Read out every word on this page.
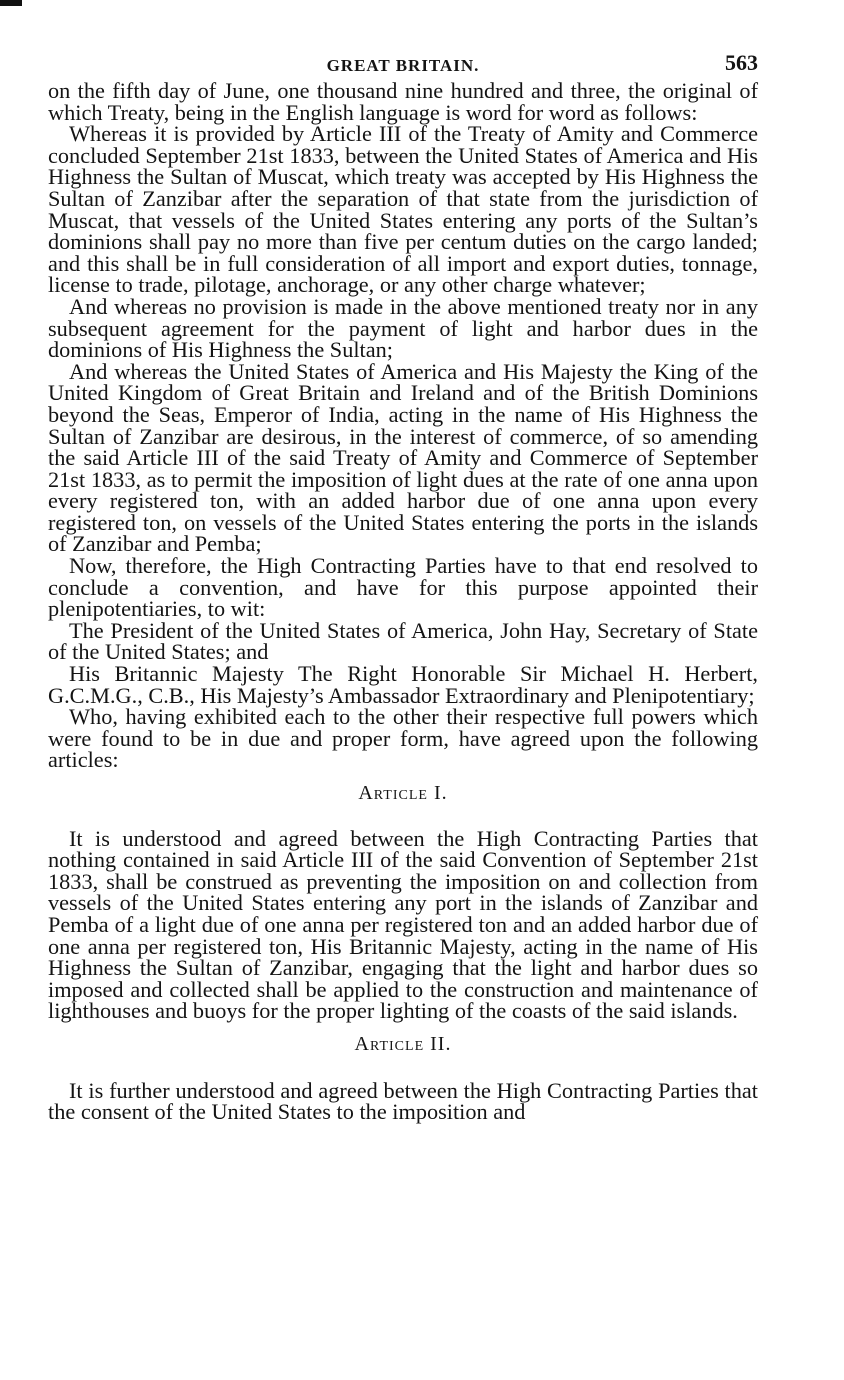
GREAT BRITAIN.	563

on the fifth day of June, one thousand nine hundred and three, the original of which Treaty, being in the English language is word for word as follows:

Whereas it is provided by Article III of the Treaty of Amity and Commerce concluded September 21st 1833, between the United States of America and His Highness the Sultan of Muscat, which treaty was accepted by His Highness the Sultan of Zanzibar after the separation of that state from the jurisdiction of Muscat, that vessels of the United States entering any ports of the Sultan’s dominions shall pay no more than five per centum duties on the cargo landed; and this shall be in full consideration of all import and export duties, tonnage, license to trade, pilotage, anchorage, or any other charge whatever;

And whereas no provision is made in the above mentioned treaty nor in any subsequent agreement for the payment of light and harbor dues in the dominions of His Highness the Sultan;

And whereas the United States of America and His Majesty the King of the United Kingdom of Great Britain and Ireland and of the British Dominions beyond the Seas, Emperor of India, acting in the name of His Highness the Sultan of Zanzibar are desirous, in the interest of commerce, of so amending the said Article III of the said Treaty of Amity and Commerce of September 21st 1833, as to permit the imposition of light dues at the rate of one anna upon every registered ton, with an added harbor due of one anna upon every registered ton, on vessels of the United States entering the ports in the islands of Zanzibar and Pemba;

Now, therefore, the High Contracting Parties have to that end resolved to conclude a convention, and have for this purpose appointed their plenipotentiaries, to wit:

The President of the United States of America, John Hay, Secretary of State of the United States; and

His Britannic Majesty The Right Honorable Sir Michael H. Herbert, G.C.M.G., C.B., His Majesty’s Ambassador Extraordinary and Plenipotentiary;

Who, having exhibited each to the other their respective full powers which were found to be in due and proper form, have agreed upon the following articles:

Article I.

It is understood and agreed between the High Contracting Parties that nothing contained in said Article III of the said Convention of September 21st 1833, shall be construed as preventing the imposition on and collection from vessels of the United States entering any port in the islands of Zanzibar and Pemba of a light due of one anna per registered ton and an added harbor due of one anna per registered ton, His Britannic Majesty, acting in the name of His Highness the Sultan of Zanzibar, engaging that the light and harbor dues so imposed and collected shall be applied to the construction and maintenance of lighthouses and buoys for the proper lighting of the coasts of the said islands.

Article II.

It is further understood and agreed between the High Contracting Parties that the consent of the United States to the imposition and
